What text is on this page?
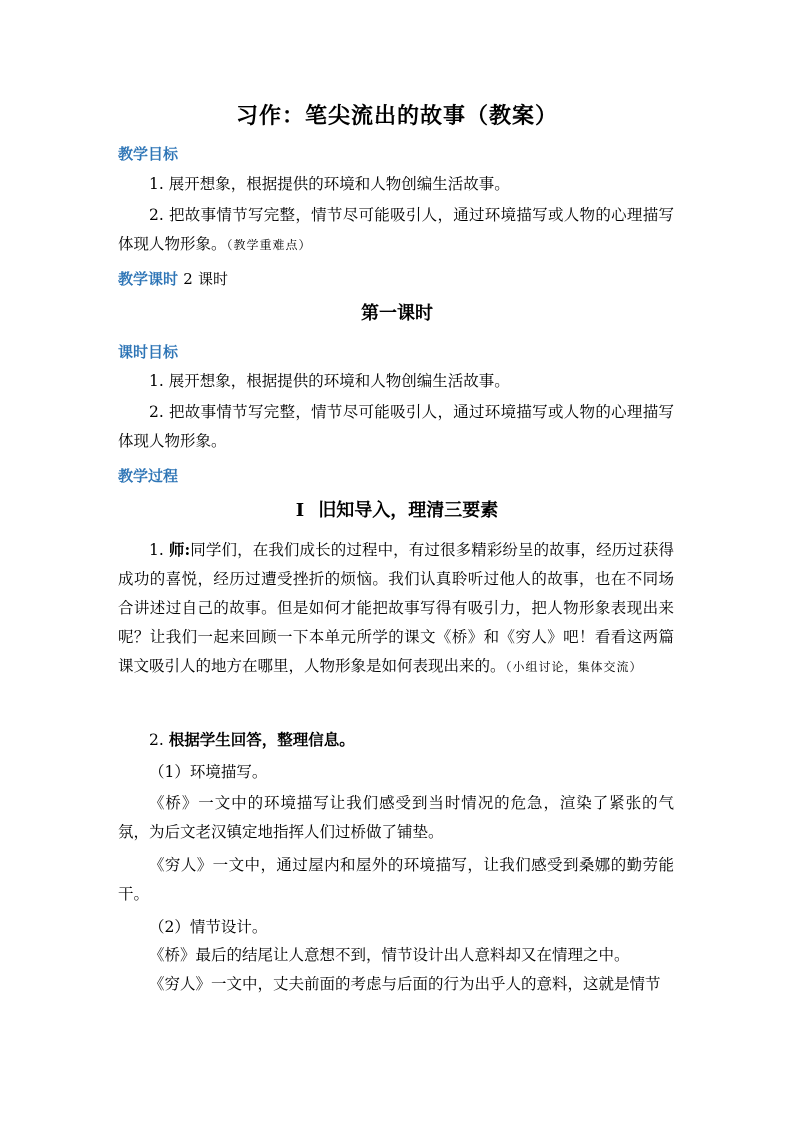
习作：笔尖流出的故事（教案）
教学目标

1. 展开想象，根据提供的环境和人物创编生活故事。

2. 把故事情节写完整，情节尽可能吸引人，通过环境描写或人物的心理描写体现人物形象。（教学重难点）

教学课时 2 课时
第一课时
课时目标

1. 展开想象，根据提供的环境和人物创编生活故事。

2. 把故事情节写完整，情节尽可能吸引人，通过环境描写或人物的心理描写体现人物形象。

教学过程
Ⅰ 旧知导入，理清三要素

1. 师:同学们，在我们成长的过程中，有过很多精彩纷呈的故事，经历过获得成功的喜悦，经历过遭受挫折的烦恼。我们认真聆听过他人的故事，也在不同场合讲述过自己的故事。但是如何才能把故事写得有吸引力，把人物形象表现出来呢？让我们一起来回顾一下本单元所学的课文《桥》和《穷人》吧！看看这两篇课文吸引人的地方在哪里，人物形象是如何表现出来的。（小组讨论，集体交流）

2. 根据学生回答，整理信息。

（1）环境描写。

《桥》一文中的环境描写让我们感受到当时情况的危急，渲染了紧张的气氛，为后文老汉镇定地指挥人们过桥做了铺垫。

《穷人》一文中，通过屋内和屋外的环境描写，让我们感受到桑娜的勤劳能干。

（2）情节设计。

《桥》最后的结尾让人意想不到，情节设计出人意料却又在情理之中。

《穷人》一文中，丈夫前面的考虑与后面的行为出乎人的意料，这就是情节
